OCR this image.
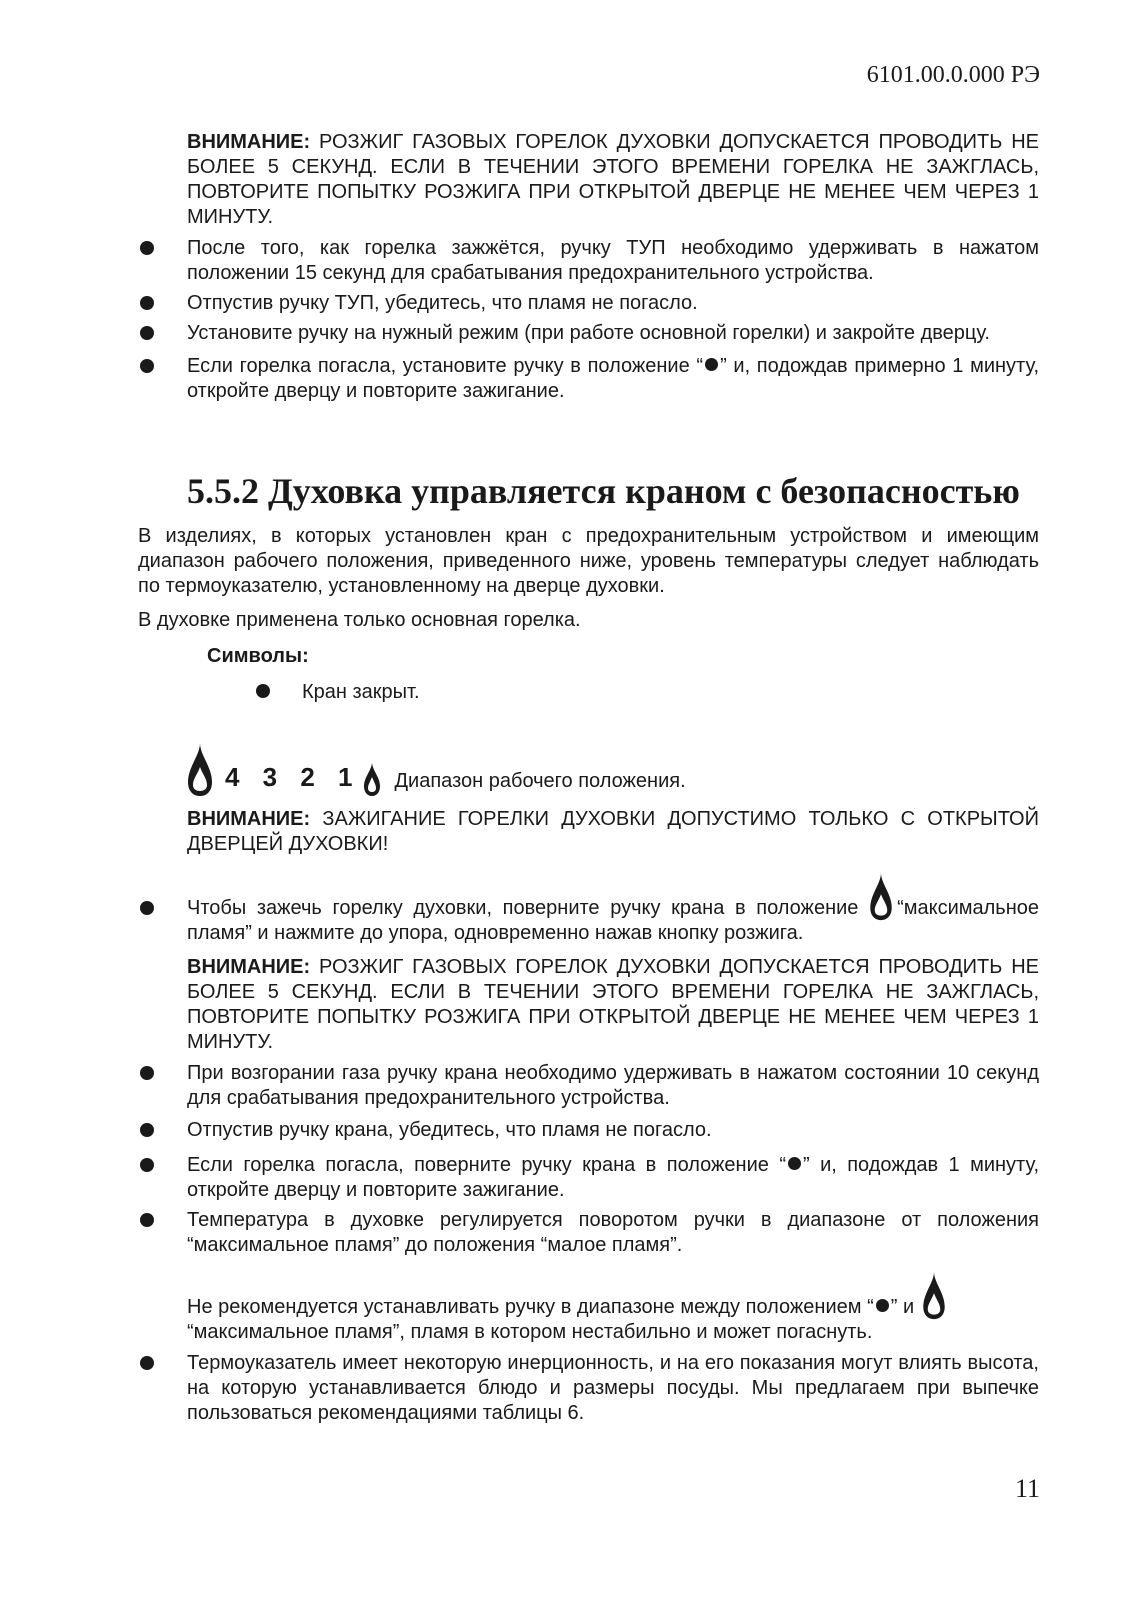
6101.00.0.000 РЭ
ВНИМАНИЕ: РОЗЖИГ ГАЗОВЫХ ГОРЕЛОК ДУХОВКИ ДОПУСКАЕТСЯ ПРОВОДИТЬ НЕ БОЛЕЕ 5 СЕКУНД. ЕСЛИ В ТЕЧЕНИИ ЭТОГО ВРЕМЕНИ ГОРЕЛКА НЕ ЗАЖГЛАСЬ, ПОВТОРИТЕ ПОПЫТКУ РОЗЖИГА ПРИ ОТКРЫТОЙ ДВЕРЦЕ НЕ МЕНЕЕ ЧЕМ ЧЕРЕЗ 1 МИНУТУ.
После того, как горелка зажжётся, ручку ТУП необходимо удерживать в нажатом положении 15 секунд для срабатывания предохранительного устройства.
Отпустив ручку ТУП, убедитесь, что пламя не погасло.
Установите ручку на нужный режим (при работе основной горелки) и закройте дверцу.
Если горелка погасла, установите ручку в положение “ ” и, подождав примерно 1 минуту, откройте дверцу и повторите зажигание.
5.5.2 Духовка управляется краном с безопасностью
В изделиях, в которых установлен кран с предохранительным устройством и имеющим диапазон рабочего положения, приведенного ниже, уровень температуры следует наблюдать по термоуказателю, установленному на дверце духовки.
В духовке применена только основная горелка.
Символы:
Кран закрыт.
4 3 2 1 Диапазон рабочего положения.
ВНИМАНИЕ: ЗАЖИГАНИЕ ГОРЕЛКИ ДУХОВКИ ДОПУСТИМО ТОЛЬКО С ОТКРЫТОЙ ДВЕРЦЕЙ ДУХОВКИ!
Чтобы зажечь горелку духовки, поверните ручку крана в положение “максимальное пламя” и нажмите до упора, одновременно нажав кнопку розжига.
ВНИМАНИЕ: РОЗЖИГ ГАЗОВЫХ ГОРЕЛОК ДУХОВКИ ДОПУСКАЕТСЯ ПРОВОДИТЬ НЕ БОЛЕЕ 5 СЕКУНД. ЕСЛИ В ТЕЧЕНИИ ЭТОГО ВРЕМЕНИ ГОРЕЛКА НЕ ЗАЖГЛАСЬ, ПОВТОРИТЕ ПОПЫТКУ РОЗЖИГА ПРИ ОТКРЫТОЙ ДВЕРЦЕ НЕ МЕНЕЕ ЧЕМ ЧЕРЕЗ 1 МИНУТУ.
При возгорании газа ручку крана необходимо удерживать в нажатом состоянии 10 секунд для срабатывания предохранительного устройства.
Отпустив ручку крана, убедитесь, что пламя не погасло.
Если горелка погасла, поверните ручку крана в положение “ ” и, подождав 1 минуту, откройте дверцу и повторите зажигание.
Температура в духовке регулируется поворотом ручки в диапазоне от положения “максимальное пламя” до положения “малое пламя”.
Не рекомендуется устанавливать ручку в диапазоне между положением “ ” и
“максимальное пламя”, пламя в котором нестабильно и может погаснуть.
Термоуказатель имеет некоторую инерционность, и на его показания могут влиять высота, на которую устанавливается блюдо и размеры посуды. Мы предлагаем при выпечке пользоваться рекомендациями таблицы 6.
11
